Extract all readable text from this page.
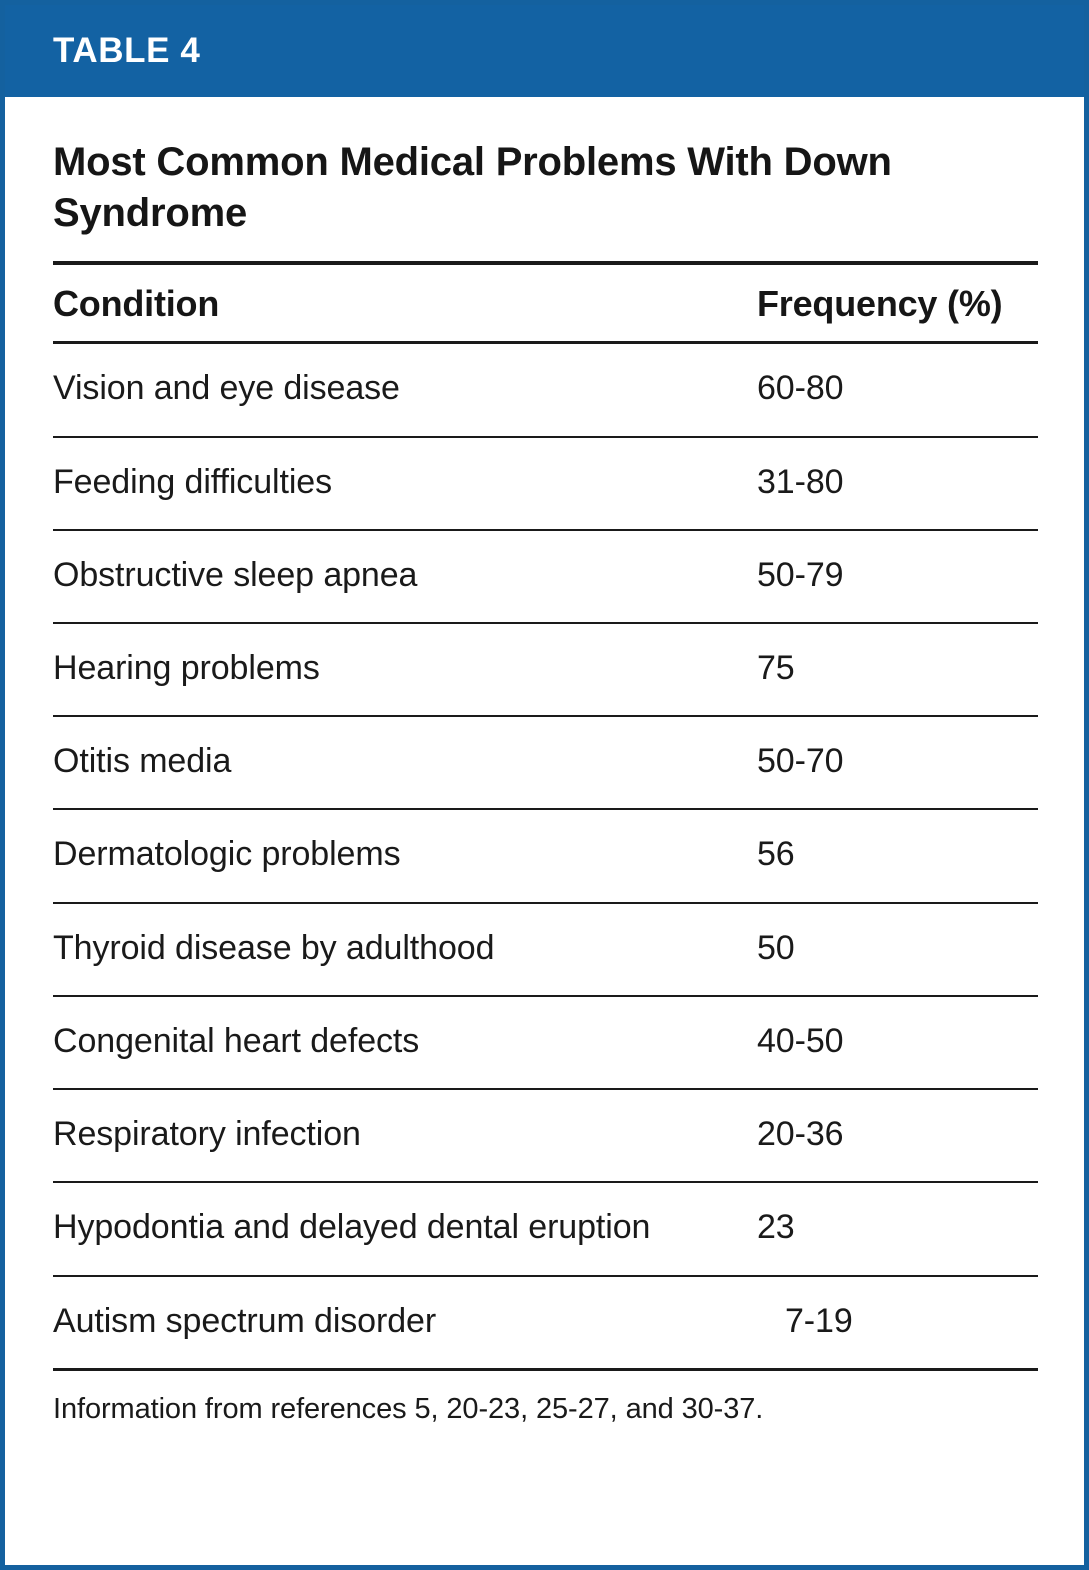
TABLE 4
Most Common Medical Problems With Down Syndrome
Condition	Frequency (%)
Vision and eye disease	60-80
Feeding difficulties	31-80
Obstructive sleep apnea	50-79
Hearing problems	75
Otitis media	50-70
Dermatologic problems	56
Thyroid disease by adulthood	50
Congenital heart defects	40-50
Respiratory infection	20-36
Hypodontia and delayed dental eruption	23
Autism spectrum disorder	7-19
Information from references 5, 20-23, 25-27, and 30-37.
